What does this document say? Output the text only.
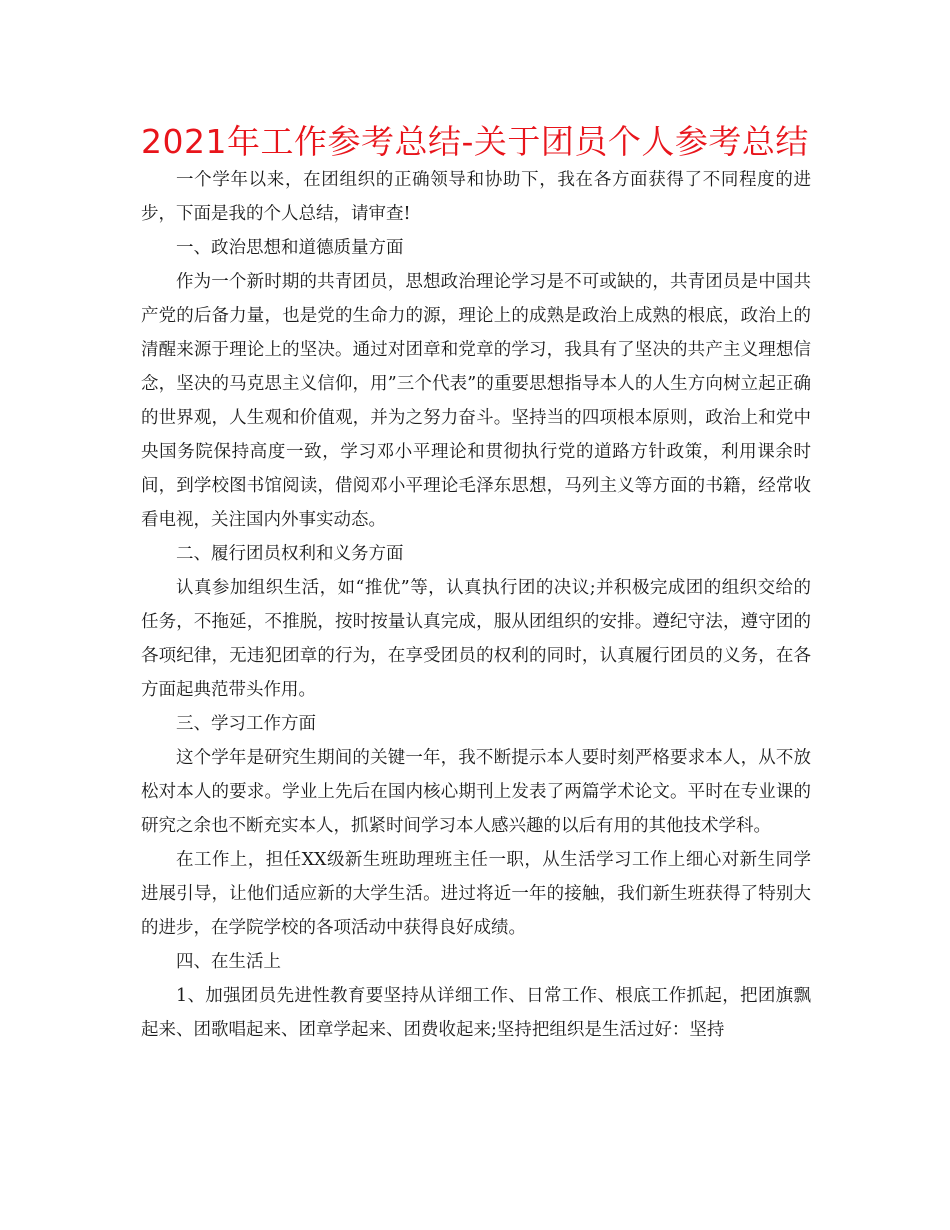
2021年工作参考总结-关于团员个人参考总结

一个学年以来，在团组织的正确领导和协助下，我在各方面获得了不同程度的进步，下面是我的个人总结，请审查!

一、政治思想和道德质量方面

作为一个新时期的共青团员，思想政治理论学习是不可或缺的，共青团员是中国共产党的后备力量，也是党的生命力的源，理论上的成熟是政治上成熟的根底，政治上的清醒来源于理论上的坚决。通过对团章和党章的学习，我具有了坚决的共产主义理想信念，坚决的马克思主义信仰，用”三个代表”的重要思想指导本人的人生方向树立起正确的世界观，人生观和价值观，并为之努力奋斗。坚持当的四项根本原则，政治上和党中央国务院保持高度一致，学习邓小平理论和贯彻执行党的道路方针政策，利用课余时间，到学校图书馆阅读，借阅邓小平理论毛泽东思想，马列主义等方面的书籍，经常收看电视，关注国内外事实动态。

二、履行团员权利和义务方面

认真参加组织生活，如“推优”等，认真执行团的决议;并积极完成团的组织交给的任务，不拖延，不推脱，按时按量认真完成，服从团组织的安排。遵纪守法，遵守团的各项纪律，无违犯团章的行为，在享受团员的权利的同时，认真履行团员的义务，在各方面起典范带头作用。

三、学习工作方面

这个学年是研究生期间的关键一年，我不断提示本人要时刻严格要求本人，从不放松对本人的要求。学业上先后在国内核心期刊上发表了两篇学术论文。平时在专业课的研究之余也不断充实本人，抓紧时间学习本人感兴趣的以后有用的其他技术学科。

在工作上，担任XX级新生班助理班主任一职，从生活学习工作上细心对新生同学进展引导，让他们适应新的大学生活。进过将近一年的接触，我们新生班获得了特别大的进步，在学院学校的各项活动中获得良好成绩。

四、在生活上

1、加强团员先进性教育要坚持从详细工作、日常工作、根底工作抓起，把团旗飘起来、团歌唱起来、团章学起来、团费收起来;坚持把组织是生活过好：坚持
